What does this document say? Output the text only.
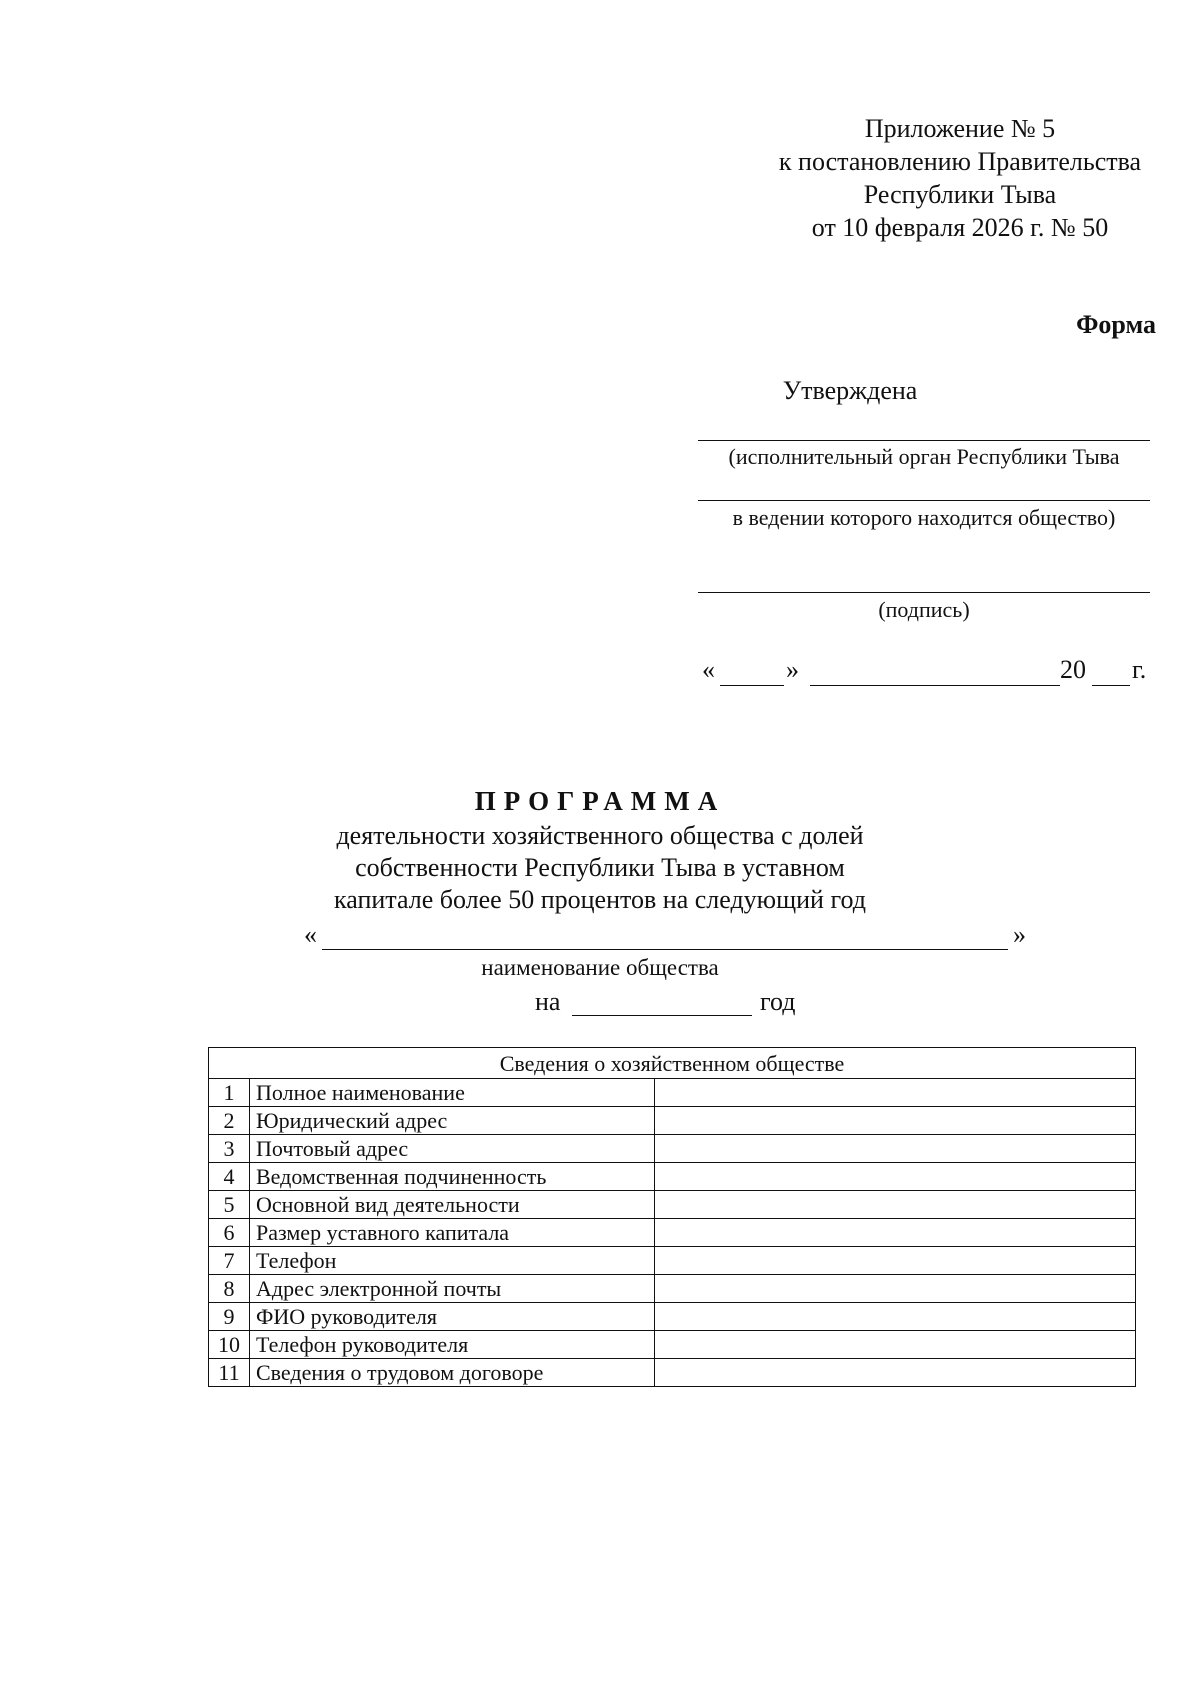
Приложение № 5
к постановлению Правительства
Республики Тыва
от 10 февраля 2026 г. № 50
Форма
Утверждена
(исполнительный орган Республики Тыва
в ведении которого находится общество)
(подпись)
«	»	20 г.
ПРОГРАММА
деятельности хозяйственного общества с долей
собственности Республики Тыва в уставном
капитале более 50 процентов на следующий год
«	»
наименование общества
на	год
Сведения о хозяйственном обществе		
1	Полное наименование	
2	Юридический адрес	
3	Почтовый адрес	
4	Ведомственная подчиненность	
5	Основной вид деятельности	
6	Размер уставного капитала	
7	Телефон	
8	Адрес электронной почты	
9	ФИО руководителя	
10	Телефон руководителя	
11	Сведения о трудовом договоре	
